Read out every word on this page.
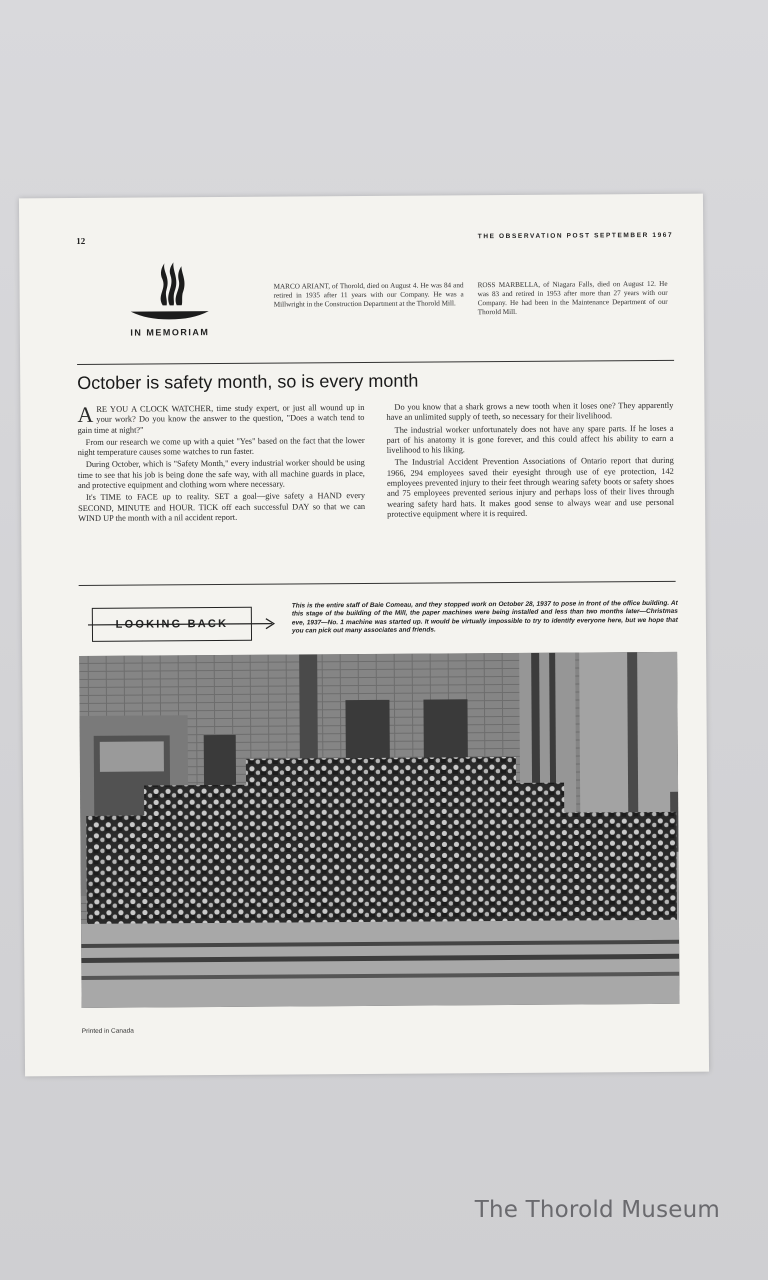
12	THE OBSERVATION POST SEPTEMBER 1967
IN MEMORIAM
MARCO ARIANT, of Thorold, died on August 4. He was 84 and retired in 1935 after 11 years with our Company. He was a Millwright in the Construction Department at the Thorold Mill.
ROSS MARBELLA, of Niagara Falls, died on August 12. He was 83 and retired in 1953 after more than 27 years with our Company. He had been in the Maintenance Department of our Thorold Mill.
October is safety month, so is every month

ARE YOU A CLOCK WATCHER, time study expert, or just all wound up in your work? Do you know the answer to the question, "Does a watch tend to gain time at night?"

From our research we come up with a quiet "Yes" based on the fact that the lower night temperature causes some watches to run faster.

During October, which is "Safety Month," every industrial worker should be using time to see that his job is being done the safe way, with all machine guards in place, and protective equipment and clothing worn where necessary.

It's TIME to FACE up to reality. SET a goal—give safety a HAND every SECOND, MINUTE and HOUR. TICK off each successful DAY so that we can WIND UP the month with a nil accident report.

Do you know that a shark grows a new tooth when it loses one? They apparently have an unlimited supply of teeth, so necessary for their livelihood.

The industrial worker unfortunately does not have any spare parts. If he loses a part of his anatomy it is gone forever, and this could affect his ability to earn a livelihood to his liking.

The Industrial Accident Prevention Associations of Ontario report that during 1966, 294 employees saved their eyesight through use of eye protection, 142 employees prevented injury to their feet through wearing safety boots or safety shoes and 75 employees prevented serious injury and perhaps loss of their lives through wearing safety hard hats. It makes good sense to always wear and use personal protective equipment where it is required.

LOOKING BACK
This is the entire staff of Baie Comeau, and they stopped work on October 28, 1937 to pose in front of the office building. At this stage of the building of the Mill, the paper machines were being installed and less than two months later—Christmas eve, 1937—No. 1 machine was started up. It would be virtually impossible to try to identify everyone here, but we hope that you can pick out many associates and friends.
Printed in Canada
The Thorold Museum
